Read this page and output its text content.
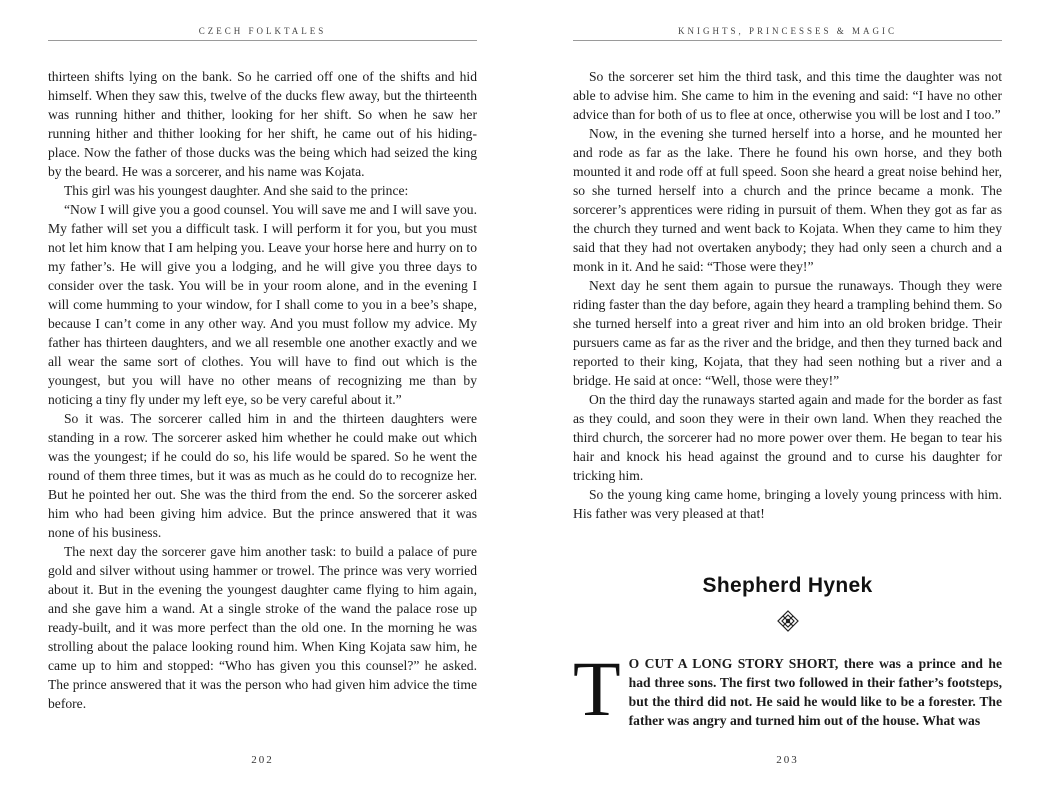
CZECH FOLKTALES

thirteen shifts lying on the bank. So he carried off one of the shifts and hid himself. When they saw this, twelve of the ducks flew away, but the thirteenth was running hither and thither, looking for her shift. So when he saw her running hither and thither looking for her shift, he came out of his hiding-place. Now the father of those ducks was the being which had seized the king by the beard. He was a sorcerer, and his name was Kojata.

This girl was his youngest daughter. And she said to the prince:

“Now I will give you a good counsel. You will save me and I will save you. My father will set you a difficult task. I will perform it for you, but you must not let him know that I am helping you. Leave your horse here and hurry on to my father’s. He will give you a lodging, and he will give you three days to consider over the task. You will be in your room alone, and in the evening I will come humming to your window, for I shall come to you in a bee’s shape, because I can’t come in any other way. And you must follow my advice. My father has thirteen daughters, and we all resemble one another exactly and we all wear the same sort of clothes. You will have to find out which is the youngest, but you will have no other means of recognizing me than by noticing a tiny fly under my left eye, so be very careful about it.”

So it was. The sorcerer called him in and the thirteen daughters were standing in a row. The sorcerer asked him whether he could make out which was the youngest; if he could do so, his life would be spared. So he went the round of them three times, but it was as much as he could do to recognize her. But he pointed her out. She was the third from the end. So the sorcerer asked him who had been giving him advice. But the prince answered that it was none of his business.

The next day the sorcerer gave him another task: to build a palace of pure gold and silver without using hammer or trowel. The prince was very worried about it. But in the evening the youngest daughter came flying to him again, and she gave him a wand. At a single stroke of the wand the palace rose up ready-built, and it was more perfect than the old one. In the morning he was strolling about the palace looking round him. When King Kojata saw him, he came up to him and stopped: “Who has given you this counsel?” he asked. The prince answered that it was the person who had given him advice the time before.

202
KNIGHTS, PRINCESSES & MAGIC

So the sorcerer set him the third task, and this time the daughter was not able to advise him. She came to him in the evening and said: “I have no other advice than for both of us to flee at once, otherwise you will be lost and I too.”

Now, in the evening she turned herself into a horse, and he mounted her and rode as far as the lake. There he found his own horse, and they both mounted it and rode off at full speed. Soon she heard a great noise behind her, so she turned herself into a church and the prince became a monk. The sorcerer’s apprentices were riding in pursuit of them. When they got as far as the church they turned and went back to Kojata. When they came to him they said that they had not overtaken anybody; they had only seen a church and a monk in it. And he said: “Those were they!”

Next day he sent them again to pursue the runaways. Though they were riding faster than the day before, again they heard a trampling behind them. So she turned herself into a great river and him into an old broken bridge. Their pursuers came as far as the river and the bridge, and then they turned back and reported to their king, Kojata, that they had seen nothing but a river and a bridge. He said at once: “Well, those were they!”

On the third day the runaways started again and made for the border as fast as they could, and soon they were in their own land. When they reached the third church, the sorcerer had no more power over them. He began to tear his hair and knock his head against the ground and to curse his daughter for tricking him.

So the young king came home, bringing a lovely young princess with him. His father was very pleased at that!

Shepherd Hynek
T O CUT A LONG STORY SHORT, there was a prince and he had three sons. The first two followed in their father’s footsteps, but the third did not. He said he would like to be a forester. The father was angry and turned him out of the house. What was
203
